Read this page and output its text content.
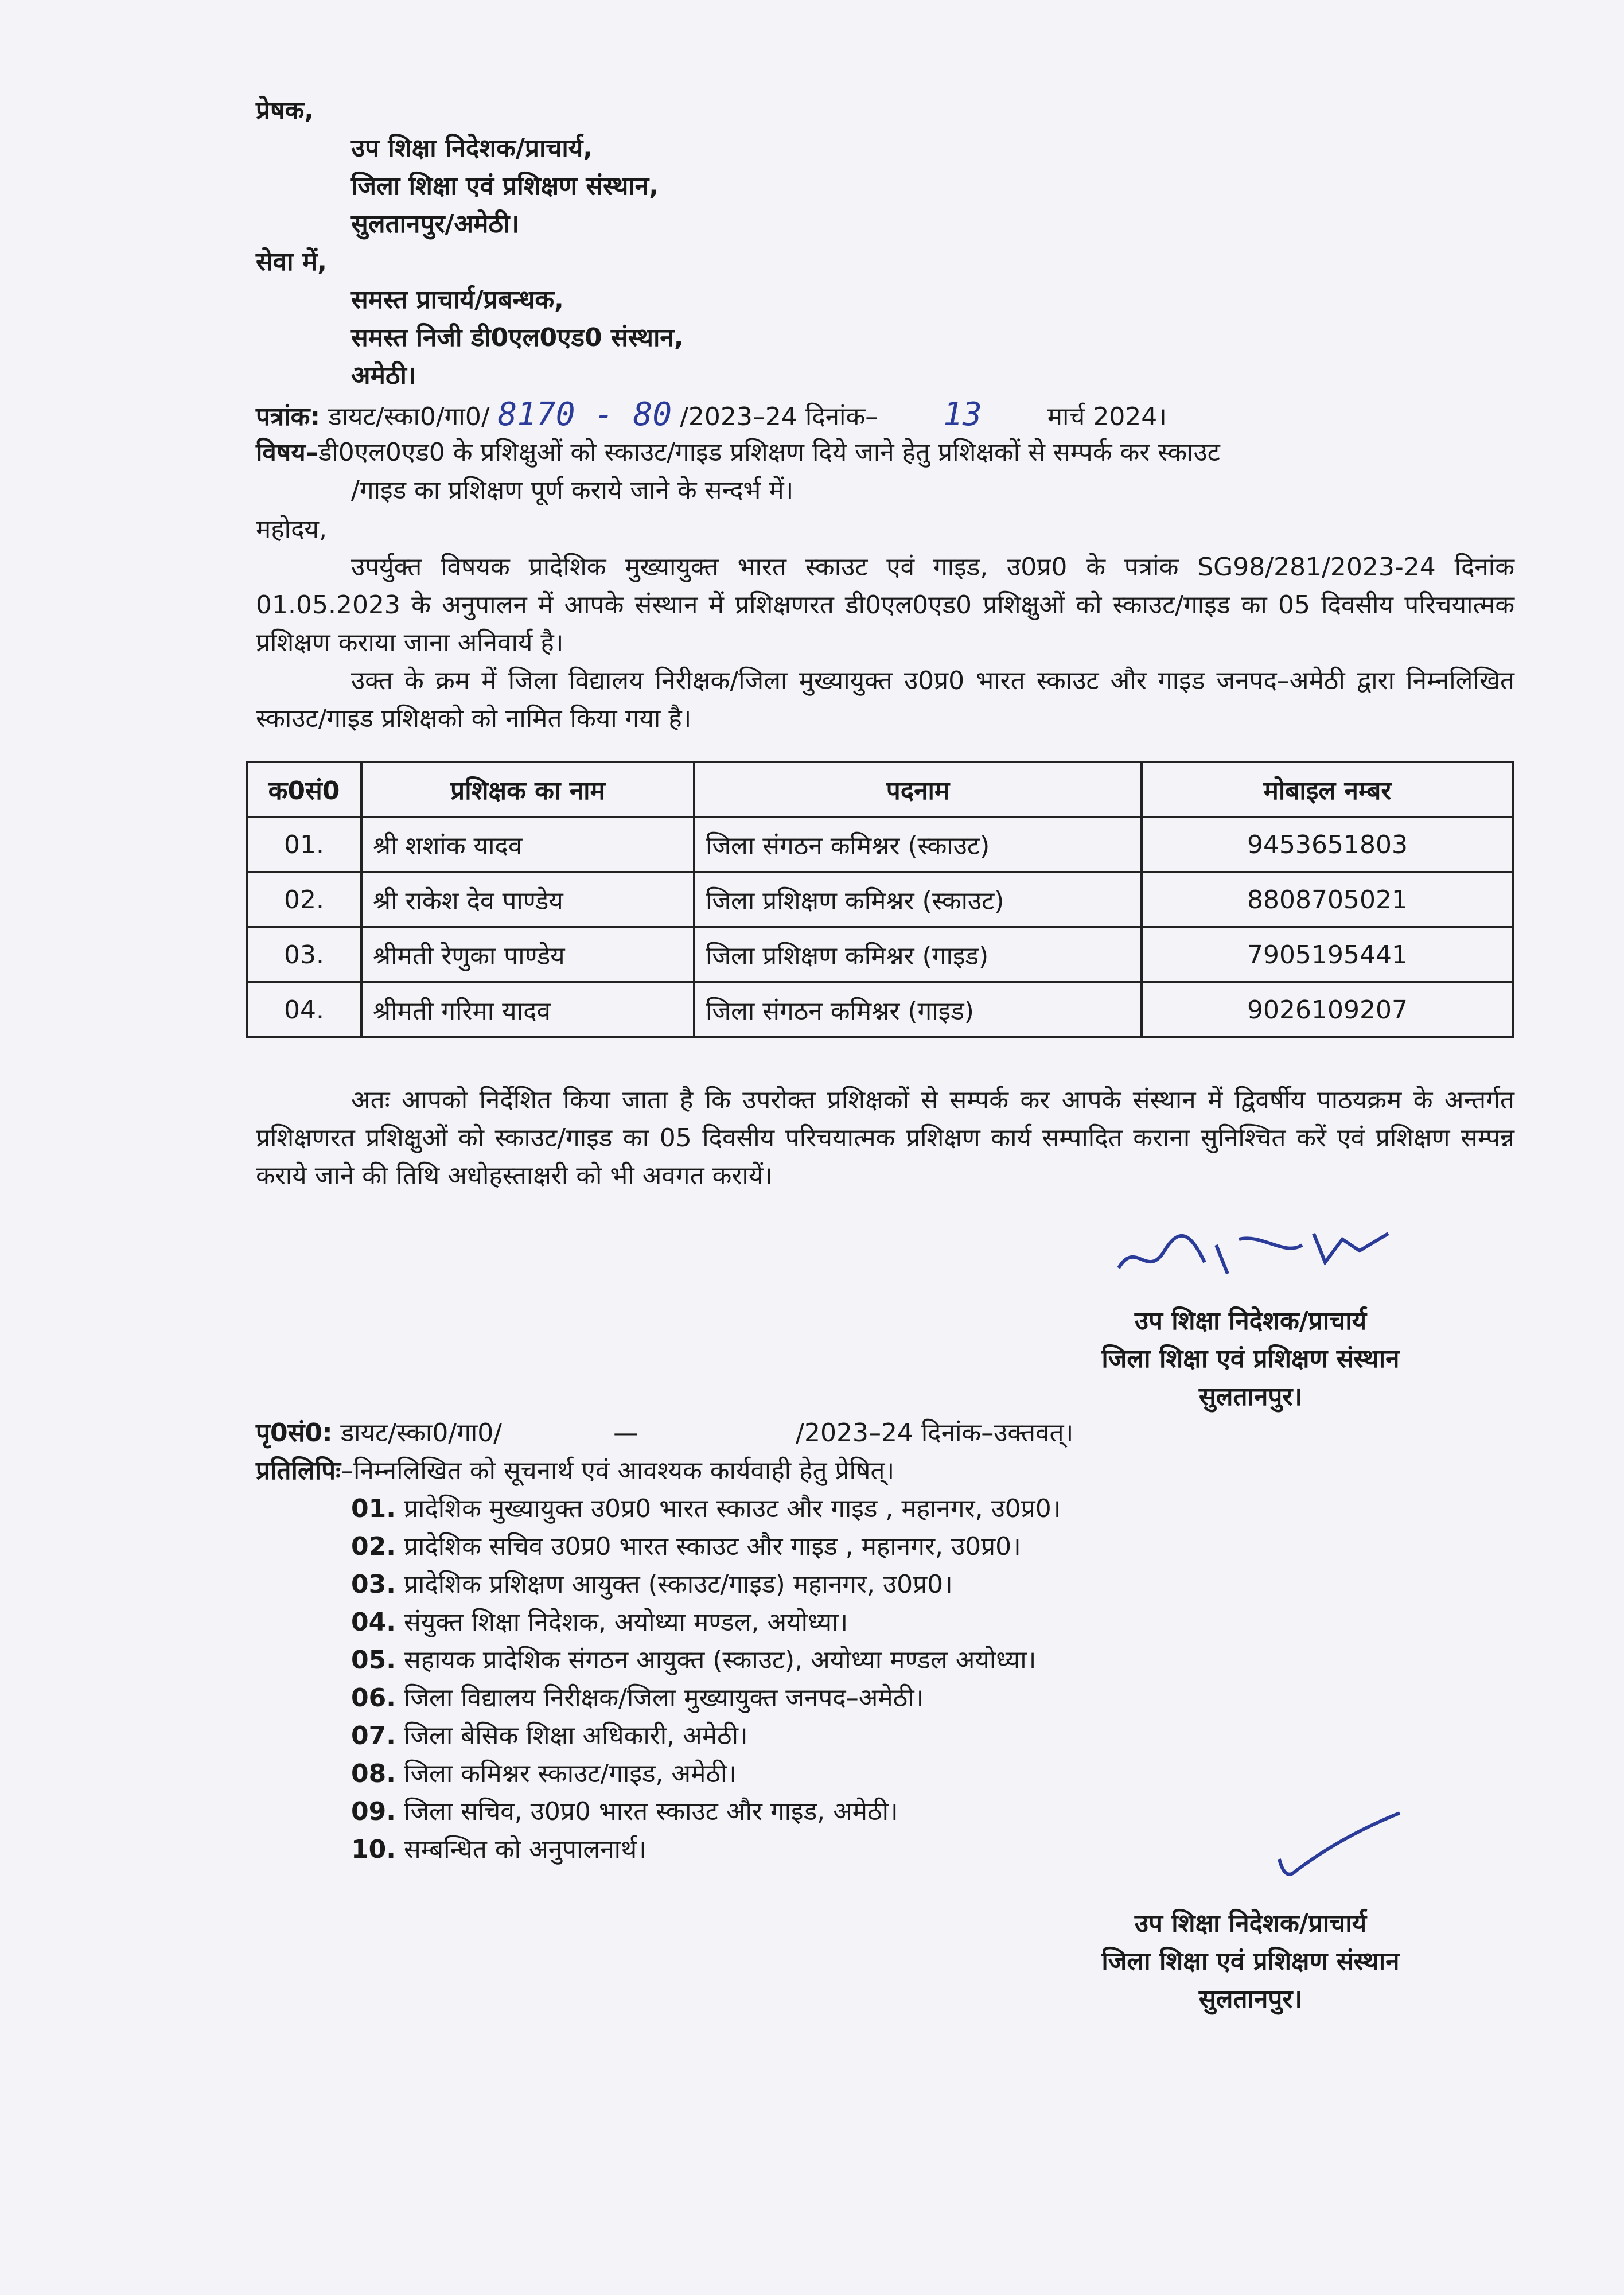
प्रेषक,
उप शिक्षा निदेशक/प्राचार्य,
जिला शिक्षा एवं प्रशिक्षण संस्थान,
सुलतानपुर/अमेठी।
सेवा में,
समस्त प्राचार्य/प्रबन्धक,
समस्त निजी डी0एल0एड0 संस्थान,
अमेठी।
पत्रांक: डायट/स्का0/गा0/ 8170 - 80 /2023–24 दिनांक– 13	मार्च 2024।
विषय–डी0एल0एड0 के प्रशिक्षुओं को स्काउट/गाइड प्रशिक्षण दिये जाने हेतु प्रशिक्षकों से सम्पर्क कर स्काउट
/गाइड का प्रशिक्षण पूर्ण कराये जाने के सन्दर्भ में।
महोदय,
उपर्युक्त विषयक प्रादेशिक मुख्यायुक्त भारत स्काउट एवं गाइड, उ0प्र0 के पत्रांक SG98/281/2023-24 दिनांक 01.05.2023 के अनुपालन में आपके संस्थान में प्रशिक्षणरत डी0एल0एड0 प्रशिक्षुओं को स्काउट/गाइड का 05 दिवसीय परिचयात्मक प्रशिक्षण कराया जाना अनिवार्य है।
उक्त के क्रम में जिला विद्यालय निरीक्षक/जिला मुख्यायुक्त उ0प्र0 भारत स्काउट और गाइड जनपद–अमेठी द्वारा निम्नलिखित स्काउट/गाइड प्रशिक्षको को नामित किया गया है।
क0सं0	प्रशिक्षक का नाम	पदनाम	मोबाइल नम्बर
01.	श्री शशांक यादव	जिला संगठन कमिश्नर (स्काउट)	9453651803
02.	श्री राकेश देव पाण्डेय	जिला प्रशिक्षण कमिश्नर (स्काउट)	8808705021
03.	श्रीमती रेणुका पाण्डेय	जिला प्रशिक्षण कमिश्नर (गाइड)	7905195441
04.	श्रीमती गरिमा यादव	जिला संगठन कमिश्नर (गाइड)	9026109207
अतः आपको निर्देशित किया जाता है कि उपरोक्त प्रशिक्षकों से सम्पर्क कर आपके संस्थान में द्विवर्षीय पाठयक्रम के अन्तर्गत प्रशिक्षणरत प्रशिक्षुओं को स्काउट/गाइड का 05 दिवसीय परिचयात्मक प्रशिक्षण कार्य सम्पादित कराना सुनिश्चित करें एवं प्रशिक्षण सम्पन्न कराये जाने की तिथि अधोहस्ताक्षरी को भी अवगत करायें।
उप शिक्षा निदेशक/प्राचार्य
जिला शिक्षा एवं प्रशिक्षण संस्थान
सुलतानपुर।
पृ0सं0: डायट/स्का0/गा0/	—	/2023–24 दिनांक–उक्तवत्।
प्रतिलिपिः–निम्नलिखित को सूचनार्थ एवं आवश्यक कार्यवाही हेतु प्रेषित्।
01. प्रादेशिक मुख्यायुक्त उ0प्र0 भारत स्काउट और गाइड , महानगर, उ0प्र0।
02. प्रादेशिक सचिव उ0प्र0 भारत स्काउट और गाइड , महानगर, उ0प्र0।
03. प्रादेशिक प्रशिक्षण आयुक्त (स्काउट/गाइड) महानगर, उ0प्र0।
04. संयुक्त शिक्षा निदेशक, अयोध्या मण्डल, अयोध्या।
05. सहायक प्रादेशिक संगठन आयुक्त (स्काउट), अयोध्या मण्डल अयोध्या।
06. जिला विद्यालय निरीक्षक/जिला मुख्यायुक्त जनपद–अमेठी।
07. जिला बेसिक शिक्षा अधिकारी, अमेठी।
08. जिला कमिश्नर स्काउट/गाइड, अमेठी।
09. जिला सचिव, उ0प्र0 भारत स्काउट और गाइड, अमेठी।
10. सम्बन्धित को अनुपालनार्थ।
उप शिक्षा निदेशक/प्राचार्य
जिला शिक्षा एवं प्रशिक्षण संस्थान
सुलतानपुर।
